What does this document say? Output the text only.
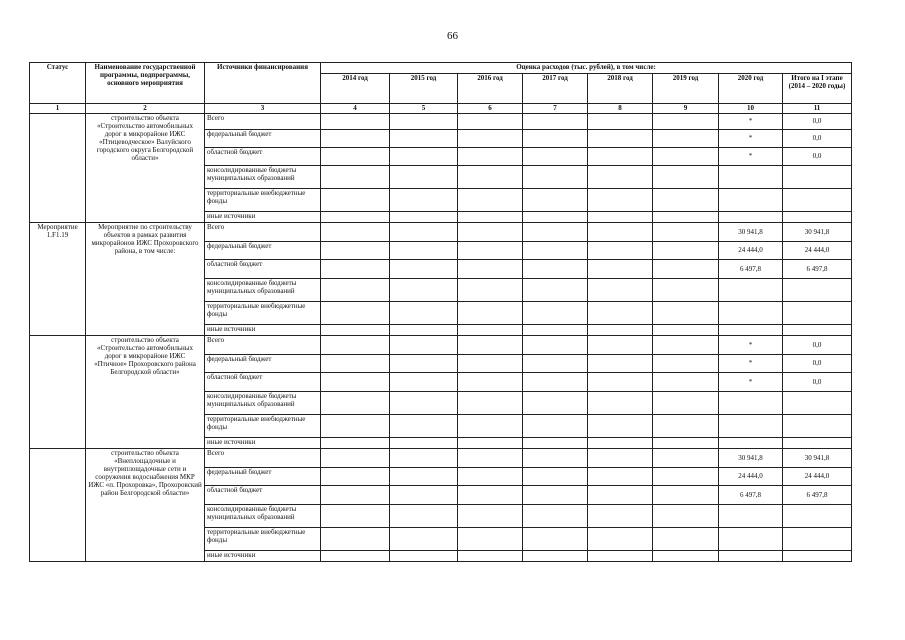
66
Статус	Наименование государственной программы, подпрограммы, основного мероприятия	Источники финансирования	Оценка расходов (тыс. рублей), в том числе:							
			2014 год	2015 год	2016 год	2017 год	2018 год	2019 год	2020 год	Итого на I этапе (2014 – 2020 годы)
1	2	3	4	5	6	7	8	9	10	11
	строительство объекта «Строительство автомобильных дорог в микрорайоне ИЖС «Птицеводческое» Валуйского городского округа Белгородской области»	Всего							*	0,0
		федеральный бюджет							*	0,0
		областной бюджет							*	0,0
		консолидированные бюджеты муниципальных образований								
		территориальные внебюджетные фонды								
		иные источники								
Мероприятие 1.F1.19	Мероприятие по строительству объектов в рамках развития микрорайонов ИЖС Прохоровского района, в том числе:	Всего							30 941,8	30 941,8
		федеральный бюджет							24 444,0	24 444,0
		областной бюджет							6 497,8	6 497,8
		консолидированные бюджеты муниципальных образований								
		территориальные внебюджетные фонды								
		иные источники								
	строительство объекта «Строительство автомобильных дорог в микрорайоне ИЖС «Птичное» Прохоровского района Белгородской области»	Всего							*	0,0
		федеральный бюджет							*	0,0
		областной бюджет							*	0,0
		консолидированные бюджеты муниципальных образований								
		территориальные внебюджетные фонды								
		иные источники								
	строительство объекта «Внеплощадочные и внутриплощадочные сети и сооружения водоснабжения МКР ИЖС «п. Прохоровка», Прохоровский район Белгородской области»	Всего							30 941,8	30 941,8
		федеральный бюджет							24 444,0	24 444,0
		областной бюджет							6 497,8	6 497,8
		консолидированные бюджеты муниципальных образований								
		территориальные внебюджетные фонды								
		иные источники								
